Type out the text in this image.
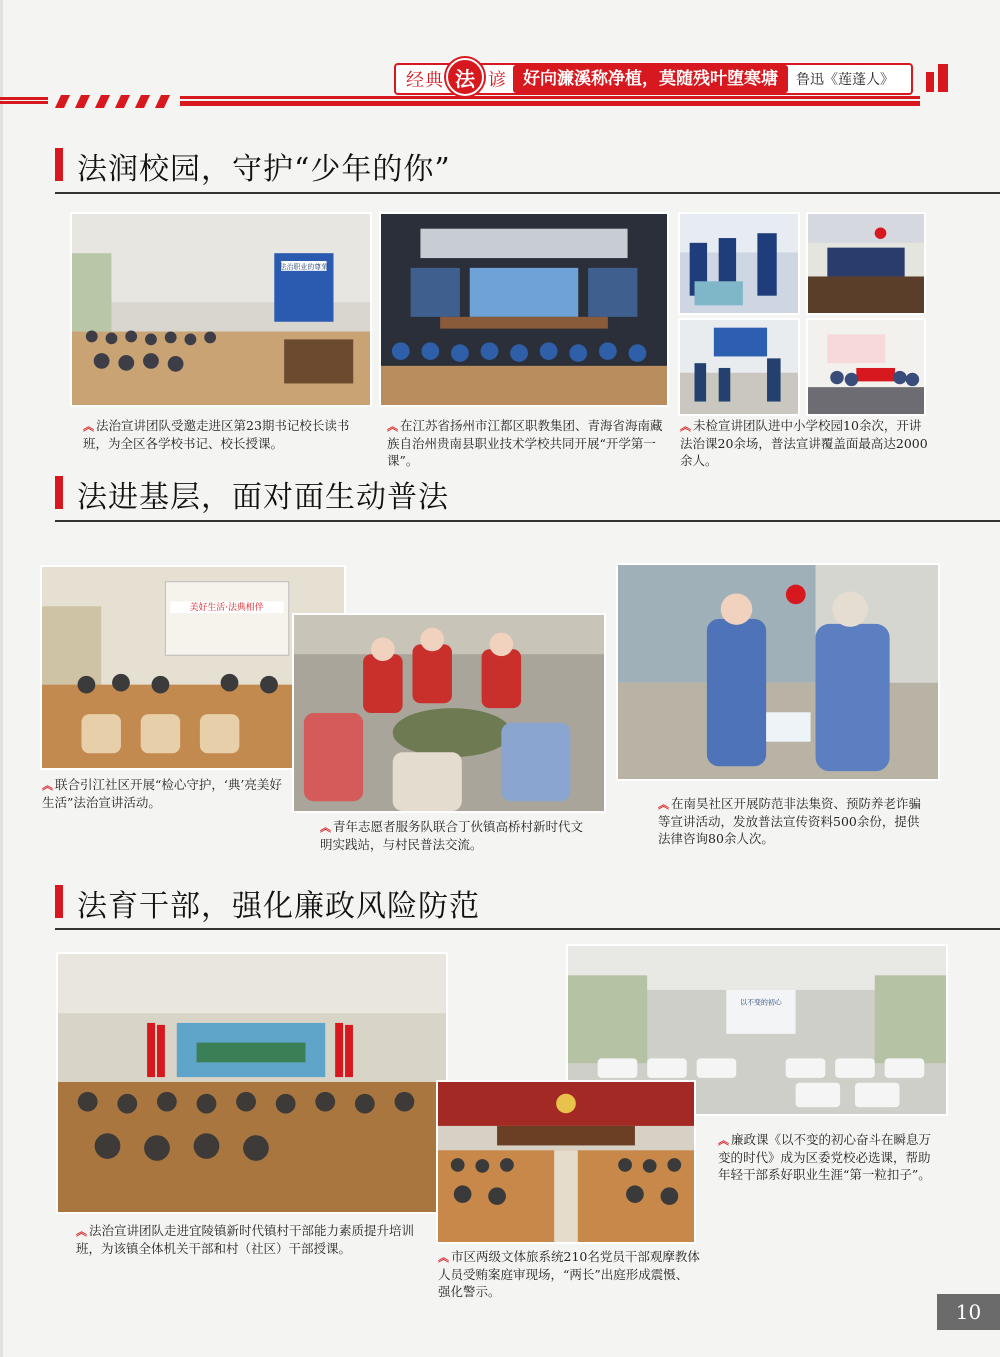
经典 法 谚 好向濂溪称净植，莫随残叶堕寒塘	鲁迅《莲蓬人》
法润校园，守护“少年的你”
法治职业的尊荣
︽ 法治宣讲团队受邀走进区第23期书记校长读书班，为全区各学校书记、校长授课。
︽ 在江苏省扬州市江都区职教集团、青海省海南藏族自治州贵南县职业技术学校共同开展“开学第一课”。
︽ 未检宣讲团队进中小学校园10余次，开讲法治课20余场，普法宣讲覆盖面最高达2000余人。
法进基层，面对面生动普法
美好生活·法典相伴
︽ 联合引江社区开展“检心守护，‘典’亮美好生活”法治宣讲活动。
︽ 青年志愿者服务队联合丁伙镇高桥村新时代文明实践站，与村民普法交流。
︽ 在南昊社区开展防范非法集资、预防养老诈骗等宣讲活动，发放普法宣传资料500余份，提供法律咨询80余人次。
法育干部，强化廉政风险防范
以不变的初心
︽ 廉政课《以不变的初心奋斗在瞬息万变的时代》成为区委党校必选课，帮助年轻干部系好职业生涯“第一粒扣子”。
︽ 法治宣讲团队走进宜陵镇新时代镇村干部能力素质提升培训班，为该镇全体机关干部和村（社区）干部授课。
︽ 市区两级文体旅系统210名党员干部观摩教体人员受贿案庭审现场，“两长”出庭形成震慑、强化警示。
10
